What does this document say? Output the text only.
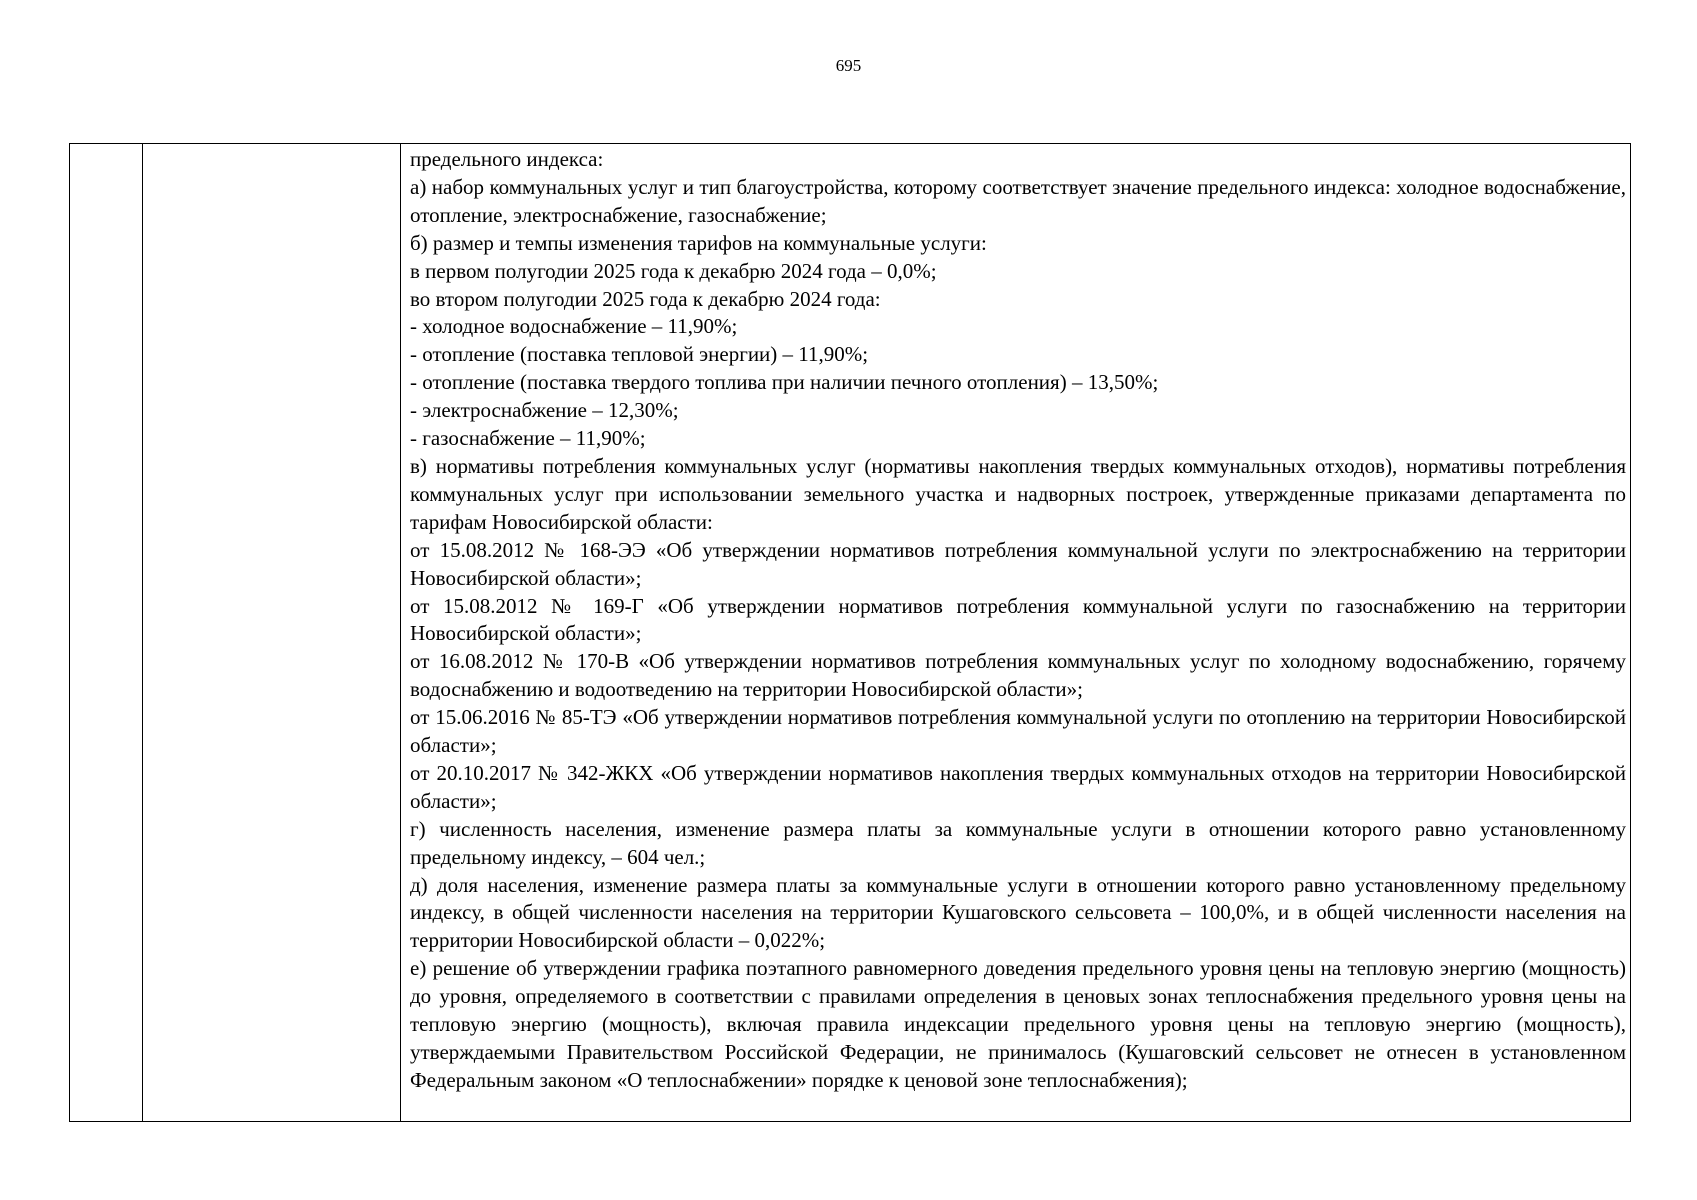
695

предельного индекса:

а) набор коммунальных услуг и тип благоустройства, которому соответствует значение предельного индекса: холодное водоснабжение, отопление, электроснабжение, газоснабжение;

б) размер и темпы изменения тарифов на коммунальные услуги:

в первом полугодии 2025 года к декабрю 2024 года – 0,0%;

во втором полугодии 2025 года к декабрю 2024 года:

- холодное водоснабжение – 11,90%;

- отопление (поставка тепловой энергии) – 11,90%;

- отопление (поставка твердого топлива при наличии печного отопления) – 13,50%;

- электроснабжение – 12,30%;

- газоснабжение – 11,90%;

в) нормативы потребления коммунальных услуг (нормативы накопления твердых коммунальных отходов), нормативы потребления коммунальных услуг при использовании земельного участка и надворных построек, утвержденные приказами департамента по тарифам Новосибирской области:

от 15.08.2012 № 168-ЭЭ «Об утверждении нормативов потребления коммунальной услуги по электроснабжению на территории Новосибирской области»;

от 15.08.2012 № 169-Г «Об утверждении нормативов потребления коммунальной услуги по газоснабжению на территории Новосибирской области»;

от 16.08.2012 № 170-В «Об утверждении нормативов потребления коммунальных услуг по холодному водоснабжению, горячему водоснабжению и водоотведению на территории Новосибирской области»;

от 15.06.2016 № 85-ТЭ «Об утверждении нормативов потребления коммунальной услуги по отоплению на территории Новосибирской области»;

от 20.10.2017 № 342-ЖКХ «Об утверждении нормативов накопления твердых коммунальных отходов на территории Новосибирской области»;

г) численность населения, изменение размера платы за коммунальные услуги в отношении которого равно установленному предельному индексу, – 604 чел.;

д) доля населения, изменение размера платы за коммунальные услуги в отношении которого равно установленному предельному индексу, в общей численности населения на территории Кушаговского сельсовета – 100,0%, и в общей численности населения на территории Новосибирской области – 0,022%;

е) решение об утверждении графика поэтапного равномерного доведения предельного уровня цены на тепловую энергию (мощность) до уровня, определяемого в соответствии с правилами определения в ценовых зонах теплоснабжения предельного уровня цены на тепловую энергию (мощность), включая правила индексации предельного уровня цены на тепловую энергию (мощность), утверждаемыми Правительством Российской Федерации, не принималось (Кушаговский сельсовет не отнесен в установленном Федеральным законом «О теплоснабжении» порядке к ценовой зоне теплоснабжения);
